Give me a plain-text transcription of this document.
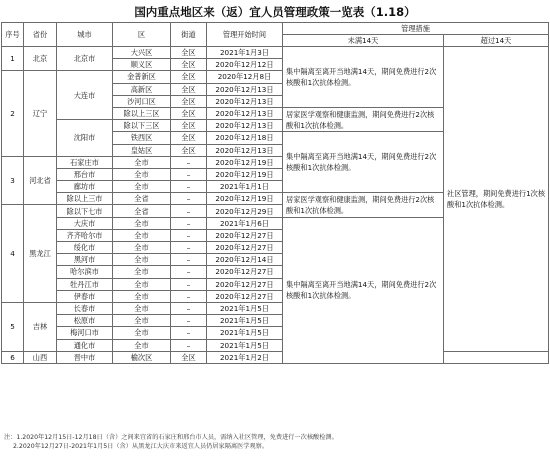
国内重点地区来（返）宜人员管理政策一览表（1.18）
序号	省份	城市	区	街道	管理开始时间	管理措施		
						未满14天	超过14天	
1	北京	北京市	大兴区	全区	2021年1月3日	集中隔离至离开当地满14天，期间免费进行2次核酸和1次抗体检测。	社区管理，期间免费进行1次核酸和1次抗体检测。	
			顺义区	全区	2020年12月12日			
2	辽宁	大连市	金普新区	全区	2020年12月8日			
			高新区	全区	2020年12月13日			
			沙河口区	全区	2020年12月13日			
			除以上三区	全区	2020年12月13日	居家医学观察和健康监测，期间免费进行2次核酸和1次抗体检测。		
		沈阳市	除以下三区	全区	2020年12月13日			
			铁西区	全区	2020年12月18日	集中隔离至离开当地满14天，期间免费进行2次核酸和1次抗体检测。		
			皇姑区	全区	2020年12月13日			
3	河北省	石家庄市	全市	–	2020年12月19日			
		邢台市	全市	–	2020年12月19日			
		廊坊市	全市	–	2021年1月1日			
		除以上三市	全省	–	2020年12月19日	居家医学观察和健康监测，期间免费进行2次核酸和1次抗体检测。		
4	黑龙江	除以下七市	全省	–	2020年12月29日			
		大庆市	全市	–	2021年1月6日	集中隔离至离开当地满14天，期间免费进行2次核酸和1次抗体检测。		
		齐齐哈尔市	全市	–	2020年12月27日			
		绥化市	全市	–	2020年12月27日			
		黑河市	全市	–	2020年12月14日			
		哈尔滨市	全市	–	2020年12月27日			
		牡丹江市	全市	–	2020年12月27日			
		伊春市	全市	–	2020年12月27日			
5	吉林	长春市	全市	–	2021年1月5日			
		松原市	全市	–	2021年1月5日			
		梅河口市	全市	–	2021年1月5日			
		通化市	全市	–	2021年1月5日			
6	山西	晋中市	榆次区	全区	2021年1月2日			
注：1.2020年12月15日-12月18日（含）之间来宜省的石家庄和邢台市人员，需纳入社区管理，免费进行一次核酸检测。
2.2020年12月27日-2021年1月5日（含）从黑龙江大庆市来返宜人员仍居家隔离医学观察。
